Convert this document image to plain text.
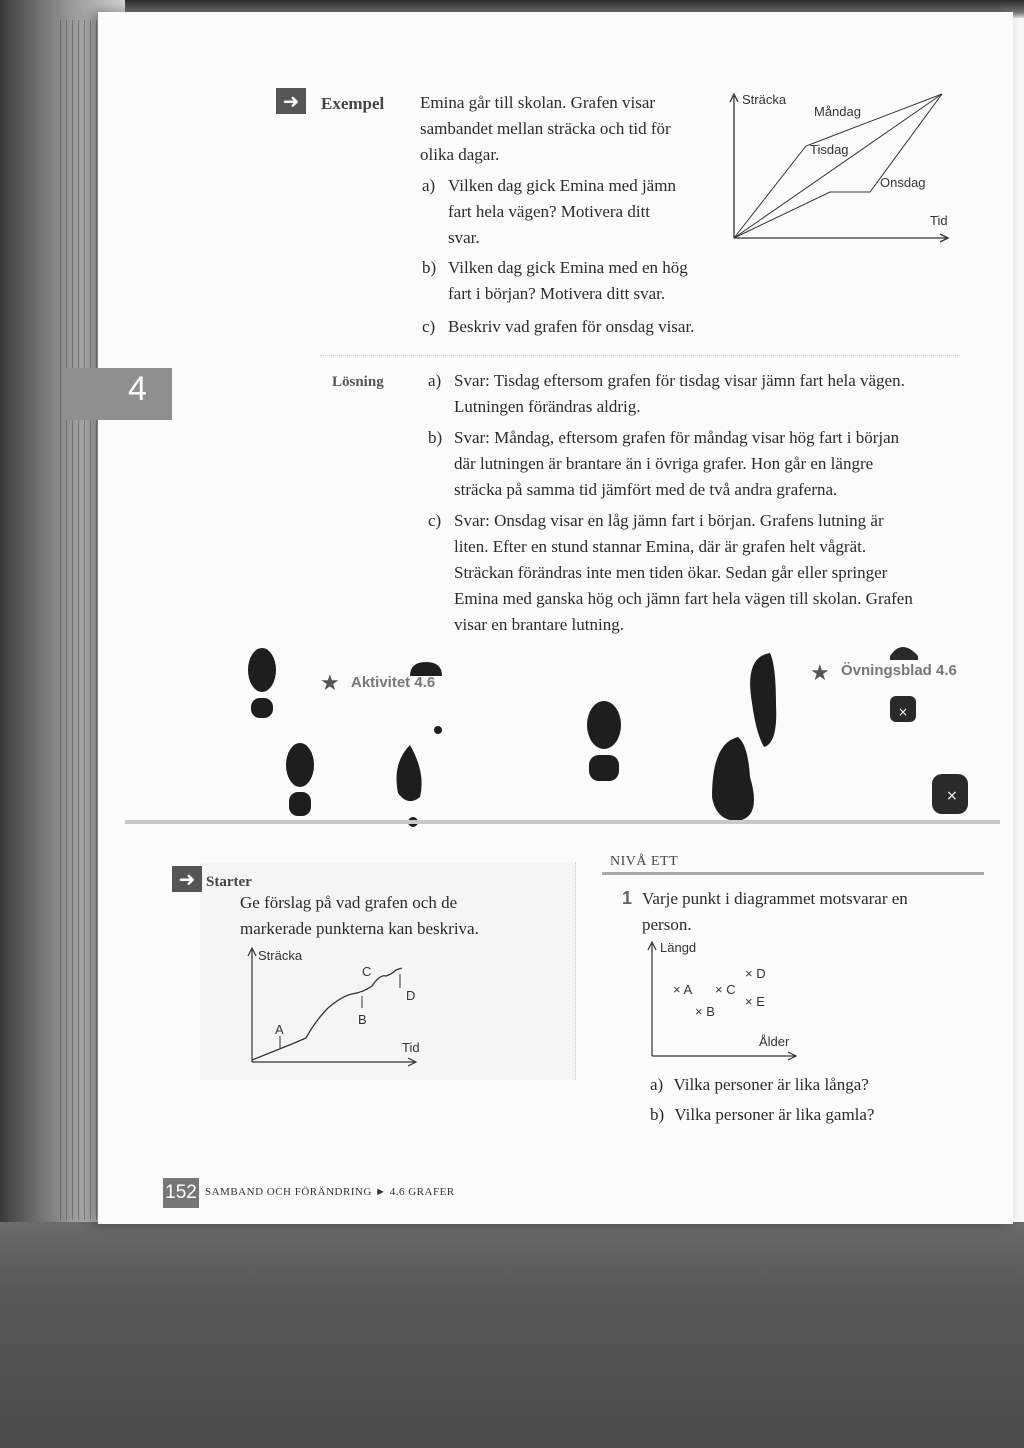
➜	Exempel Emina går till skolan. Grafen visar
sambandet mellan sträcka och tid för
olika dagar.
a) Vilken dag gick Emina med jämn
fart hela vägen? Motivera ditt
svar.
b) Vilken dag gick Emina med en hög
fart i början? Motivera ditt svar.
c) Beskriv vad grafen för onsdag visar.
Sträcka
Måndag
Tisdag
Onsdag
Tid
4	Lösning	a) Svar: Tisdag eftersom grafen för tisdag visar jämn fart hela vägen.
Lutningen förändras aldrig.
b) Svar: Måndag, eftersom grafen för måndag visar hög fart i början
där lutningen är brantare än i övriga grafer. Hon går en längre
sträcka på samma tid jämfört med de två andra graferna.
c) Svar: Onsdag visar en låg jämn fart i början. Grafens lutning är
liten. Efter en stund stannar Emina, där är grafen helt vågrät.
Sträckan förändras inte men tiden ökar. Sedan går eller springer
Emina med ganska hög och jämn fart hela vägen till skolan. Grafen
visar en brantare lutning.
★ Aktivitet 4.6	★ Övningsblad 4.6
×
×
➜ Starter
Ge förslag på vad grafen och de
markerade punkterna kan beskriva.
Sträcka
A
B
C
D
Tid
NIVÅ ETT
1 Varje punkt i diagrammet motsvarar en
person.
Längd
Ålder
× A
× B
× C
× D
× E
a) Vilka personer är lika långa?
b) Vilka personer är lika gamla?
152 SAMBAND OCH FÖRÄNDRING ► 4.6 GRAFER
